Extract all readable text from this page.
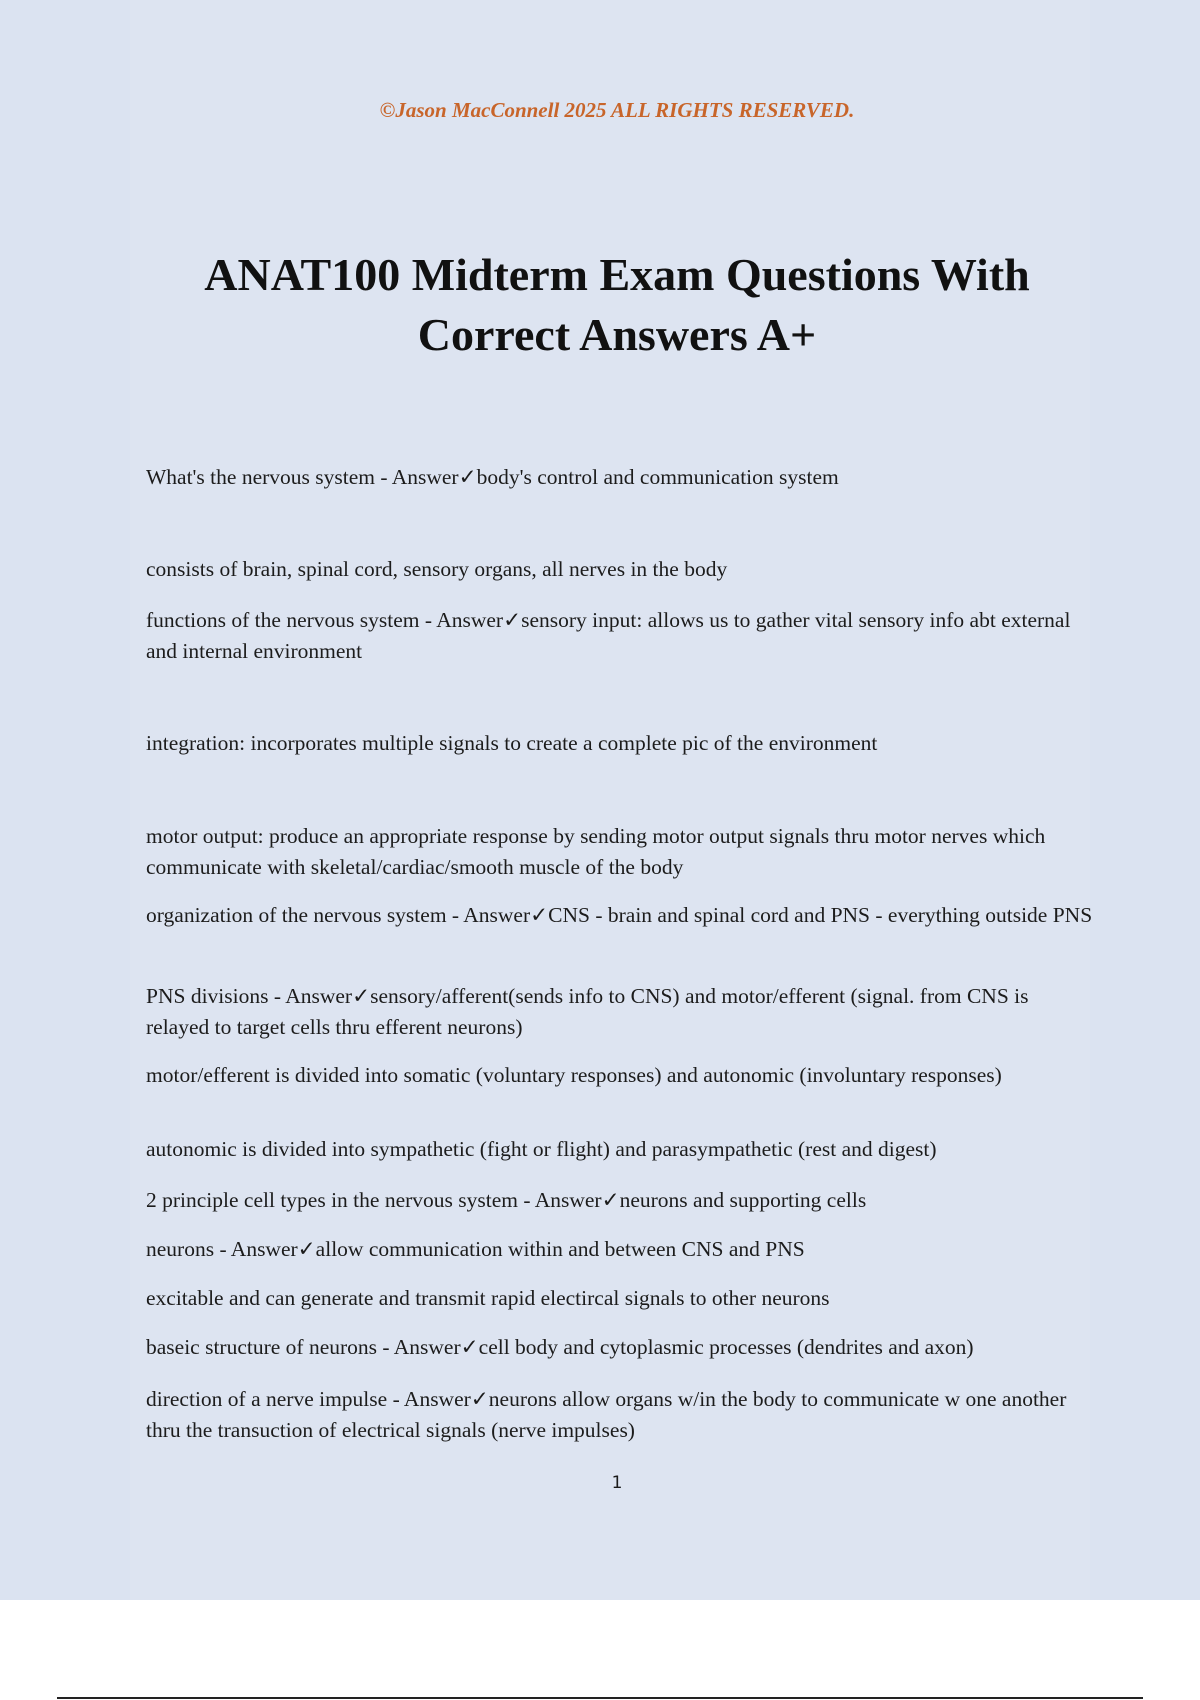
©Jason MacConnell 2025 ALL RIGHTS RESERVED.
ANAT100 Midterm Exam Questions With
Correct Answers A+
What's the nervous system - Answer✓body's control and communication system
consists of brain, spinal cord, sensory organs, all nerves in the body
functions of the nervous system - Answer✓sensory input: allows us to gather vital sensory info abt external and internal environment
integration: incorporates multiple signals to create a complete pic of the environment
motor output: produce an appropriate response by sending motor output signals thru motor nerves which communicate with skeletal/cardiac/smooth muscle of the body
organization of the nervous system - Answer✓CNS - brain and spinal cord and PNS - everything outside PNS
PNS divisions - Answer✓sensory/afferent(sends info to CNS) and motor/efferent (signal. from CNS is relayed to target cells thru efferent neurons)
motor/efferent is divided into somatic (voluntary responses) and autonomic (involuntary responses)
autonomic is divided into sympathetic (fight or flight) and parasympathetic (rest and digest)
2 principle cell types in the nervous system - Answer✓neurons and supporting cells
neurons - Answer✓allow communication within and between CNS and PNS
excitable and can generate and transmit rapid electircal signals to other neurons
baseic structure of neurons - Answer✓cell body and cytoplasmic processes (dendrites and axon)
direction of a nerve impulse - Answer✓neurons allow organs w/in the body to communicate w one another thru the transuction of electrical signals (nerve impulses)
1
